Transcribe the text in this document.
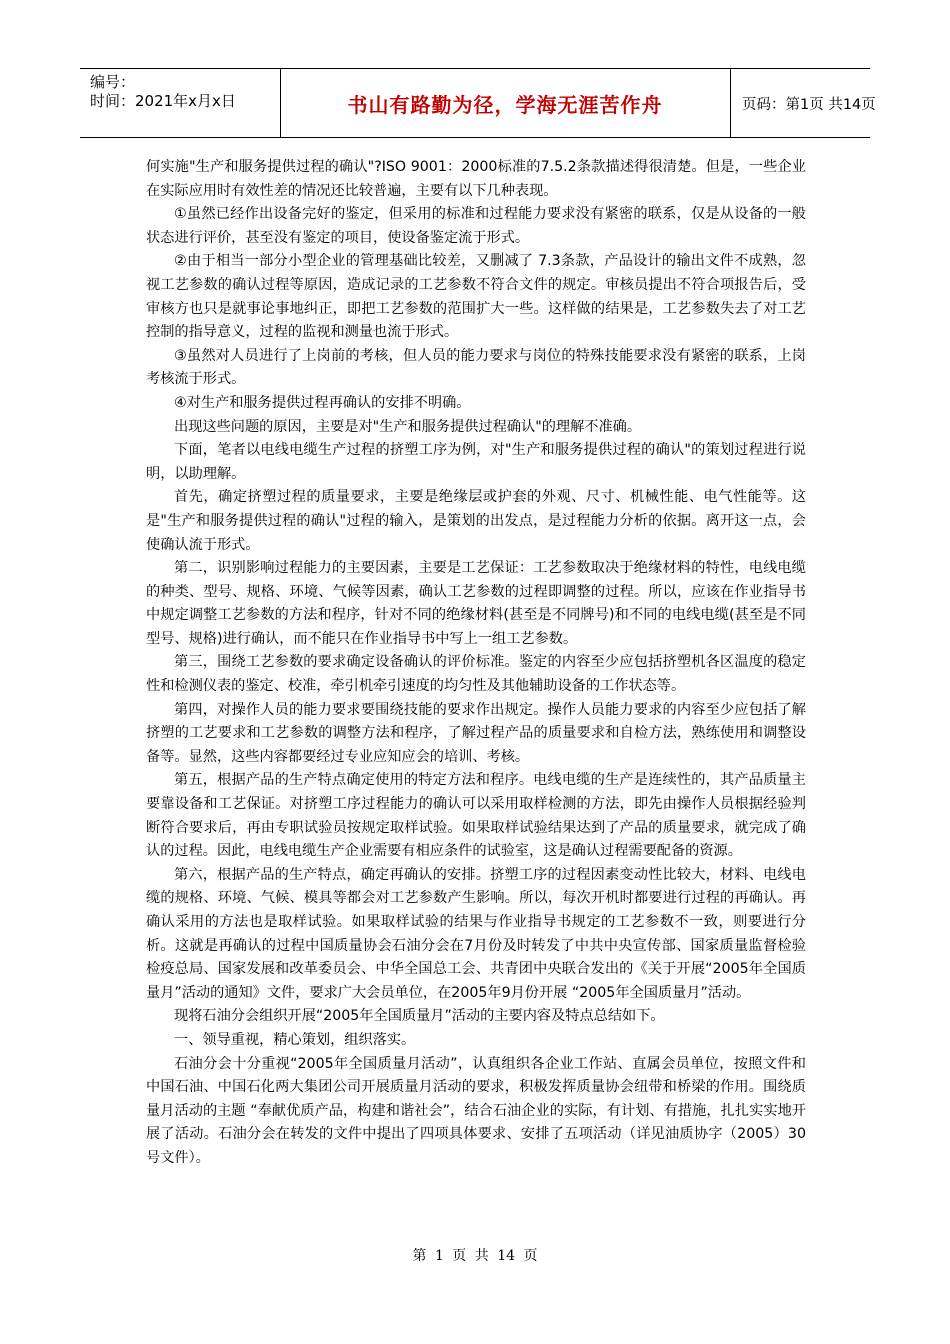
编号：
时间：2021年x月x日	书山有路勤为径，学海无涯苦作舟	页码：第1页 共14页

何实施"生产和服务提供过程的确认"?ISO 9001：2000标准的7.5.2条款描述得很清楚。但是，一些企业在实际应用时有效性差的情况还比较普遍，主要有以下几种表现。

①虽然已经作出设备完好的鉴定，但采用的标准和过程能力要求没有紧密的联系，仅是从设备的一般状态进行评价，甚至没有鉴定的项目，使设备鉴定流于形式。

②由于相当一部分小型企业的管理基础比较差，又删减了 7.3条款，产品设计的输出文件不成熟，忽视工艺参数的确认过程等原因，造成记录的工艺参数不符合文件的规定。审核员提出不符合项报告后，受审核方也只是就事论事地纠正，即把工艺参数的范围扩大一些。这样做的结果是，工艺参数失去了对工艺控制的指导意义，过程的监视和测量也流于形式。

③虽然对人员进行了上岗前的考核，但人员的能力要求与岗位的特殊技能要求没有紧密的联系，上岗考核流于形式。

④对生产和服务提供过程再确认的安排不明确。

出现这些问题的原因，主要是对"生产和服务提供过程确认"的理解不准确。

下面，笔者以电线电缆生产过程的挤塑工序为例，对"生产和服务提供过程的确认"的策划过程进行说明，以助理解。

首先，确定挤塑过程的质量要求，主要是绝缘层或护套的外观、尺寸、机械性能、电气性能等。这是"生产和服务提供过程的确认"过程的输入，是策划的出发点，是过程能力分析的依据。离开这一点，会使确认流于形式。

第二，识别影响过程能力的主要因素，主要是工艺保证：工艺参数取决于绝缘材料的特性，电线电缆的种类、型号、规格、环境、气候等因素，确认工艺参数的过程即调整的过程。所以，应该在作业指导书中规定调整工艺参数的方法和程序，针对不同的绝缘材料(甚至是不同牌号)和不同的电线电缆(甚至是不同型号、规格)进行确认，而不能只在作业指导书中写上一组工艺参数。

第三，围绕工艺参数的要求确定设备确认的评价标准。鉴定的内容至少应包括挤塑机各区温度的稳定性和检测仪表的鉴定、校准，牵引机牵引速度的均匀性及其他辅助设备的工作状态等。

第四，对操作人员的能力要求要围绕技能的要求作出规定。操作人员能力要求的内容至少应包括了解挤塑的工艺要求和工艺参数的调整方法和程序，了解过程产品的质量要求和自检方法，熟练使用和调整设备等。显然，这些内容都要经过专业应知应会的培训、考核。

第五，根据产品的生产特点确定使用的特定方法和程序。电线电缆的生产是连续性的，其产品质量主要靠设备和工艺保证。对挤塑工序过程能力的确认可以采用取样检测的方法，即先由操作人员根据经验判断符合要求后，再由专职试验员按规定取样试验。如果取样试验结果达到了产品的质量要求，就完成了确认的过程。因此，电线电缆生产企业需要有相应条件的试验室，这是确认过程需要配备的资源。

第六，根据产品的生产特点，确定再确认的安排。挤塑工序的过程因素变动性比较大，材料、电线电缆的规格、环境、气候、模具等都会对工艺参数产生影响。所以，每次开机时都要进行过程的再确认。再确认采用的方法也是取样试验。如果取样试验的结果与作业指导书规定的工艺参数不一致，则要进行分析。这就是再确认的过程中国质量协会石油分会在7月份及时转发了中共中央宣传部、国家质量监督检验检疫总局、国家发展和改革委员会、中华全国总工会、共青团中央联合发出的《关于开展“2005年全国质量月”活动的通知》文件，要求广大会员单位，在2005年9月份开展 “2005年全国质量月”活动。

现将石油分会组织开展“2005年全国质量月”活动的主要内容及特点总结如下。

一、领导重视，精心策划，组织落实。

石油分会十分重视“2005年全国质量月活动”，认真组织各企业工作站、直属会员单位，按照文件和中国石油、中国石化两大集团公司开展质量月活动的要求，积极发挥质量协会纽带和桥梁的作用。围绕质量月活动的主题 “奉献优质产品，构建和谐社会”，结合石油企业的实际，有计划、有措施，扎扎实实地开展了活动。石油分会在转发的文件中提出了四项具体要求、安排了五项活动（详见油质协字（2005）30号文件）。

第 1 页 共 14 页
